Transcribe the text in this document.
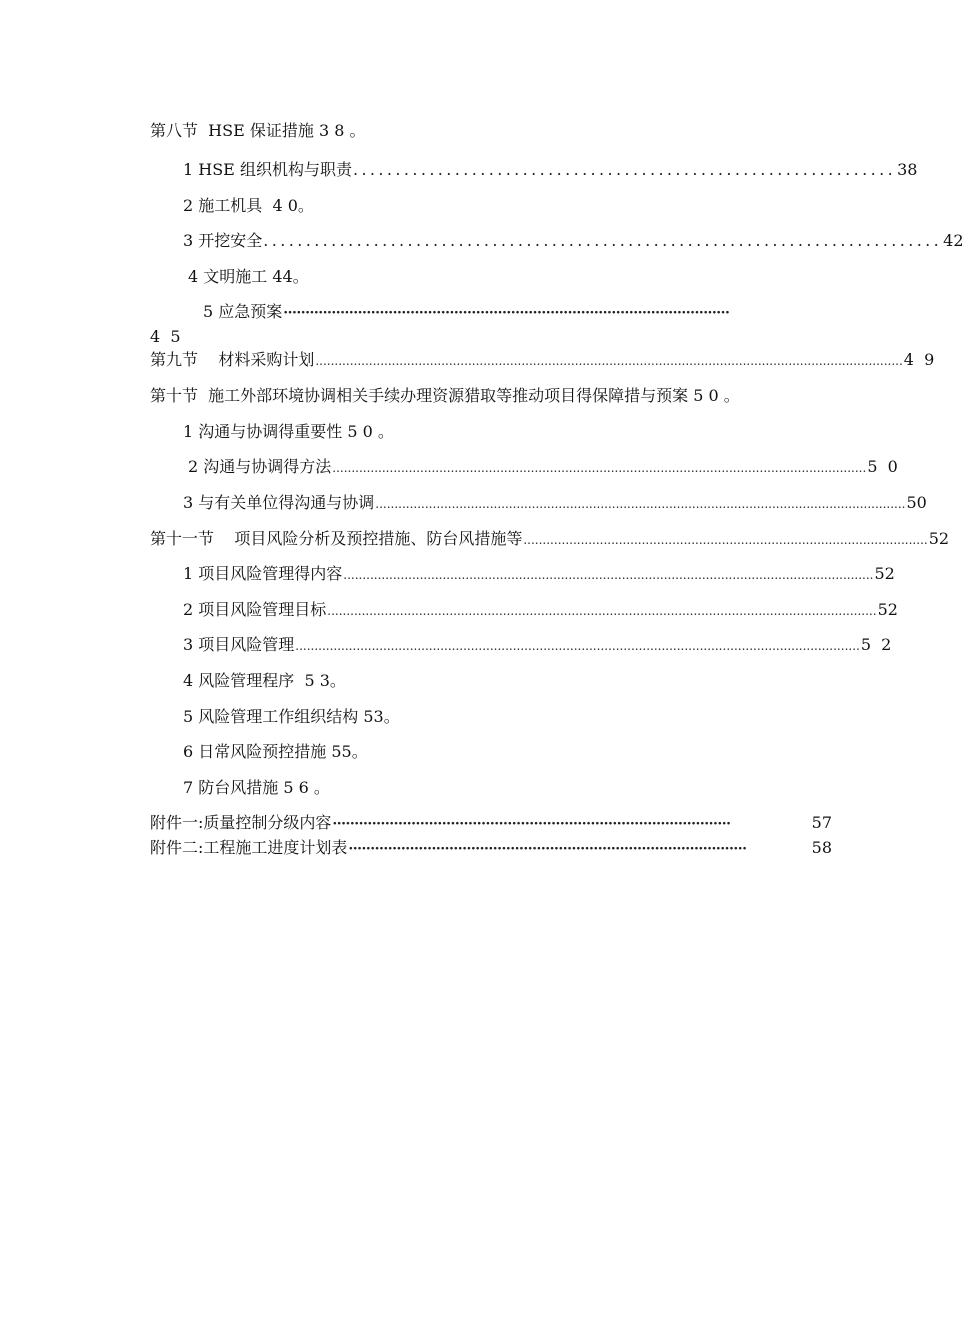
第八节  HSE 保证措施 3 8 ｡
1 HSE 组织机构与职责 ................................................................ 38
2 施工机具  4 0｡
3 开挖安全 ................................................................................ 42
4 文明施工 44｡
5 应急预案 ······································································································
4  5
第九节    材料采购计划 .......................................................................................................................................................... 4  9
第十节  施工外部环境协调相关手续办理资源猎取等推动项目得保障措与预案 5 0 ｡
1 沟通与协调得重要性 5 0 ｡
2 沟通与协调得方法 ............................................................................................................................................ 5  0
3 与有关单位得沟通与协调 ........................................................................................................................................... 50
第十一节    项目风险分析及预控措施、防台风措施等 .......................................................................................................... 52
1 项目风险管理得内容 ........................................................................................................................................... 52
2 项目风险管理目标 ................................................................................................................................................ 52
3 项目风险管理 .................................................................................................................................................... 5  2
4 风险管理程序  5 3｡
5 风险管理工作组织结构 53｡
6 日常风险预控措施 55｡
7 防台风措施 5 6 ｡
附件一:质量控制分级内容 ···························································································	57
附件二:工程施工进度计划表 ···························································································	58
